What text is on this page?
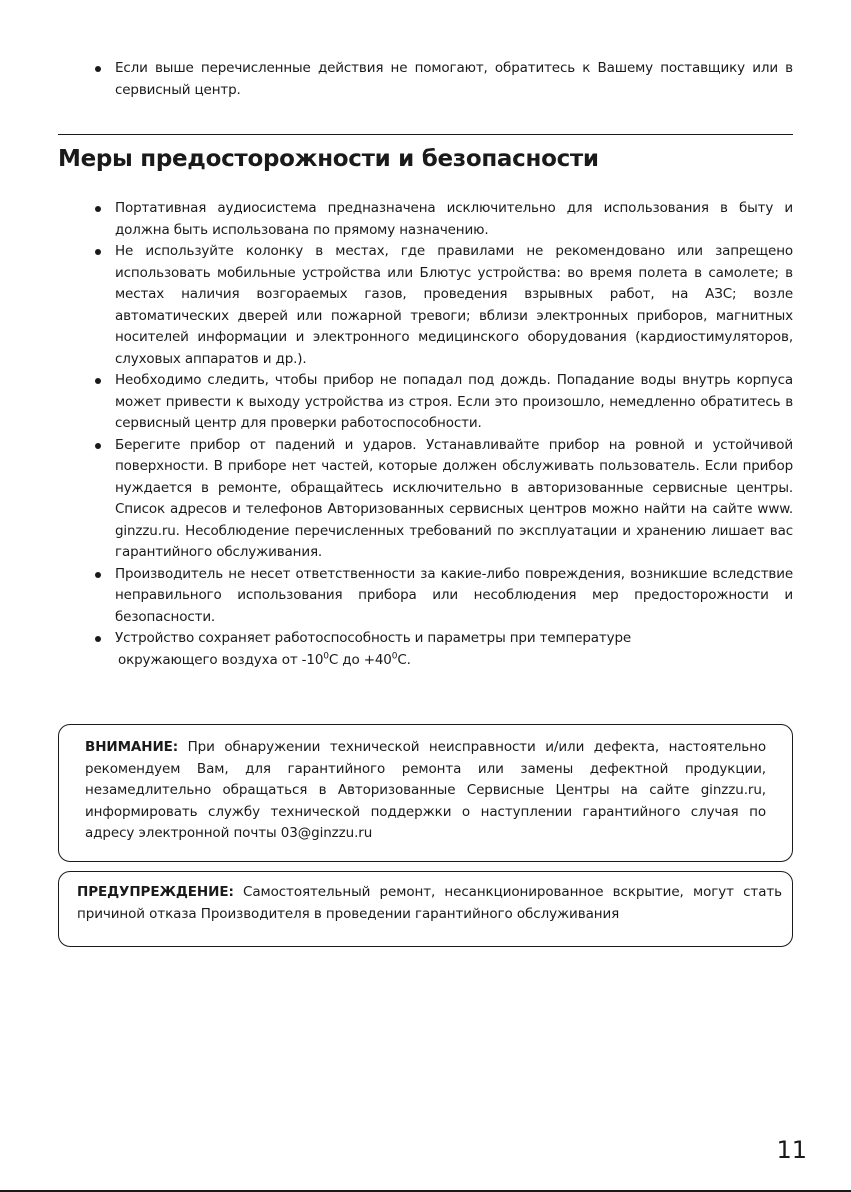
Если выше перечисленные действия не помогают, обратитесь к Вашему поставщику или в сервисный центр.
Меры предосторожности и безопасности
Портативная аудиосистема предназначена исключительно для использования в быту и должна быть использована по прямому назначению.
Не используйте колонку в местах, где правилами не рекомендовано или запрещено использовать мобильные устройства или Блютус устройства: во время полета в самолете; в местах наличия возгораемых газов, проведения взрывных работ, на АЗС; возле автоматических дверей или пожарной тревоги; вблизи электронных приборов, магнитных носителей информации и электронного медицинского оборудования (кардиостимуляторов, слуховых аппаратов и др.).
Необходимо следить, чтобы прибор не попадал под дождь. Попадание воды внутрь корпуса может привести к выходу устройства из строя. Если это произошло, немедленно обратитесь в сервисный центр для проверки работоспособности.
Берегите прибор от падений и ударов. Устанавливайте прибор на ровной и устойчивой поверхности. В приборе нет частей, которые должен обслуживать пользователь. Если прибор нуждается в ремонте, обращайтесь исключительно в авторизованные сервисные центры. Список адресов и телефонов Авторизованных сервисных центров можно найти на сайте www. ginzzu.ru. Несоблюдение перечисленных требований по эксплуатации и хранению лишает вас гарантийного обслуживания.
Производитель не несет ответственности за какие-либо повреждения, возникшие вследствие неправильного использования прибора или несоблюдения мер предосторожности и безопасности.
Устройство сохраняет работоспособность и параметры при температуре
окружающего воздуха от $-10^0C$ до $+40^0C$.
ВНИМАНИЕ: При обнаружении технической неисправности и/или дефекта, настоятельно рекомендуем Вам, для гарантийного ремонта или замены дефектной продукции, незамедлительно обращаться в Авторизованные Сервисные Центры на сайте ginzzu.ru, информировать службу технической поддержки о наступлении гарантийного случая по адресу электронной почты 03@ginzzu.ru
ПРЕДУПРЕЖДЕНИЕ: Самостоятельный ремонт, несанкционированное вскрытие, могут стать причиной отказа Производителя в проведении гарантийного обслуживания
11
